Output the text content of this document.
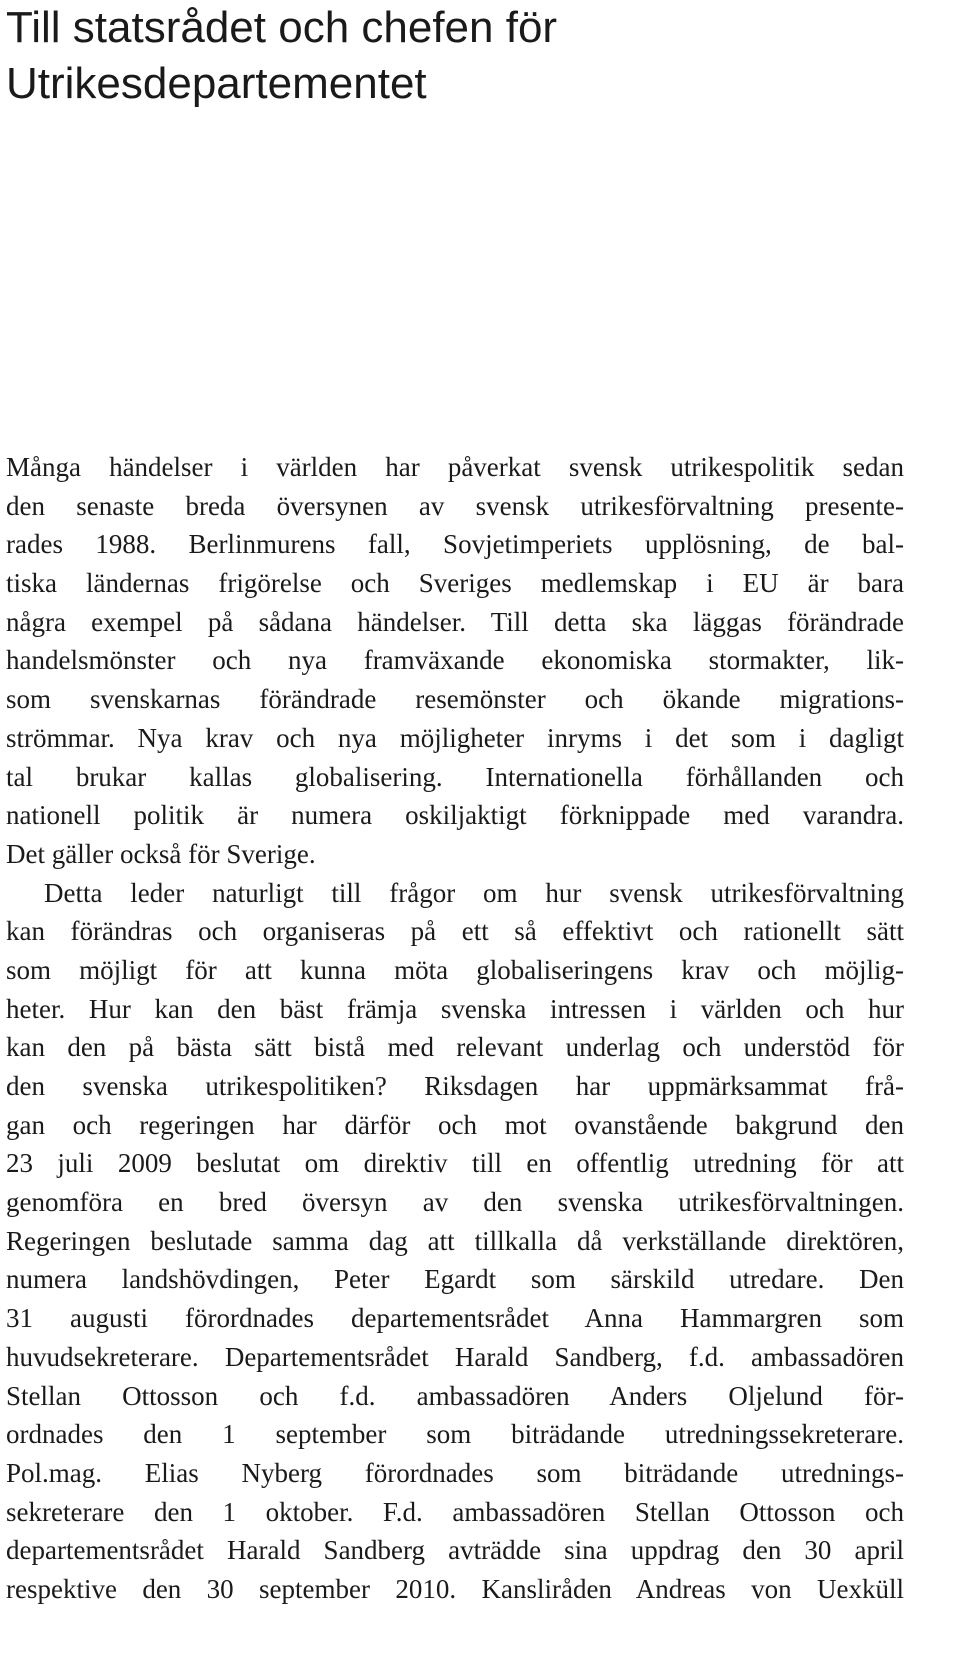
Till statsrådet och chefen för
Utrikesdepartementet
Många händelser i världen har påverkat svensk utrikespolitik sedan
den senaste breda översynen av svensk utrikesförvaltning presente-
rades 1988. Berlinmurens fall, Sovjetimperiets upplösning, de bal-
tiska ländernas frigörelse och Sveriges medlemskap i EU är bara
några exempel på sådana händelser. Till detta ska läggas förändrade
handelsmönster och nya framväxande ekonomiska stormakter, lik-
som svenskarnas förändrade resemönster och ökande migrations-
strömmar. Nya krav och nya möjligheter inryms i det som i dagligt
tal brukar kallas globalisering. Internationella förhållanden och
nationell politik är numera oskiljaktigt förknippade med varandra.
Det gäller också för Sverige.
Detta leder naturligt till frågor om hur svensk utrikesförvaltning
kan förändras och organiseras på ett så effektivt och rationellt sätt
som möjligt för att kunna möta globaliseringens krav och möjlig-
heter. Hur kan den bäst främja svenska intressen i världen och hur
kan den på bästa sätt bistå med relevant underlag och understöd för
den svenska utrikespolitiken? Riksdagen har uppmärksammat frå-
gan och regeringen har därför och mot ovanstående bakgrund den
23 juli 2009 beslutat om direktiv till en offentlig utredning för att
genomföra en bred översyn av den svenska utrikesförvaltningen.
Regeringen beslutade samma dag att tillkalla då verkställande direktören,
numera landshövdingen, Peter Egardt som särskild utredare. Den
31 augusti förordnades departementsrådet Anna Hammargren som
huvudsekreterare. Departementsrådet Harald Sandberg, f.d. ambassadören
Stellan Ottosson och f.d. ambassadören Anders Oljelund för-
ordnades den 1 september som biträdande utredningssekreterare.
Pol.mag. Elias Nyberg förordnades som biträdande utrednings-
sekreterare den 1 oktober. F.d. ambassadören Stellan Ottosson och
departementsrådet Harald Sandberg avträdde sina uppdrag den 30 april
respektive den 30 september 2010. Kansliråden Andreas von Uexküll
